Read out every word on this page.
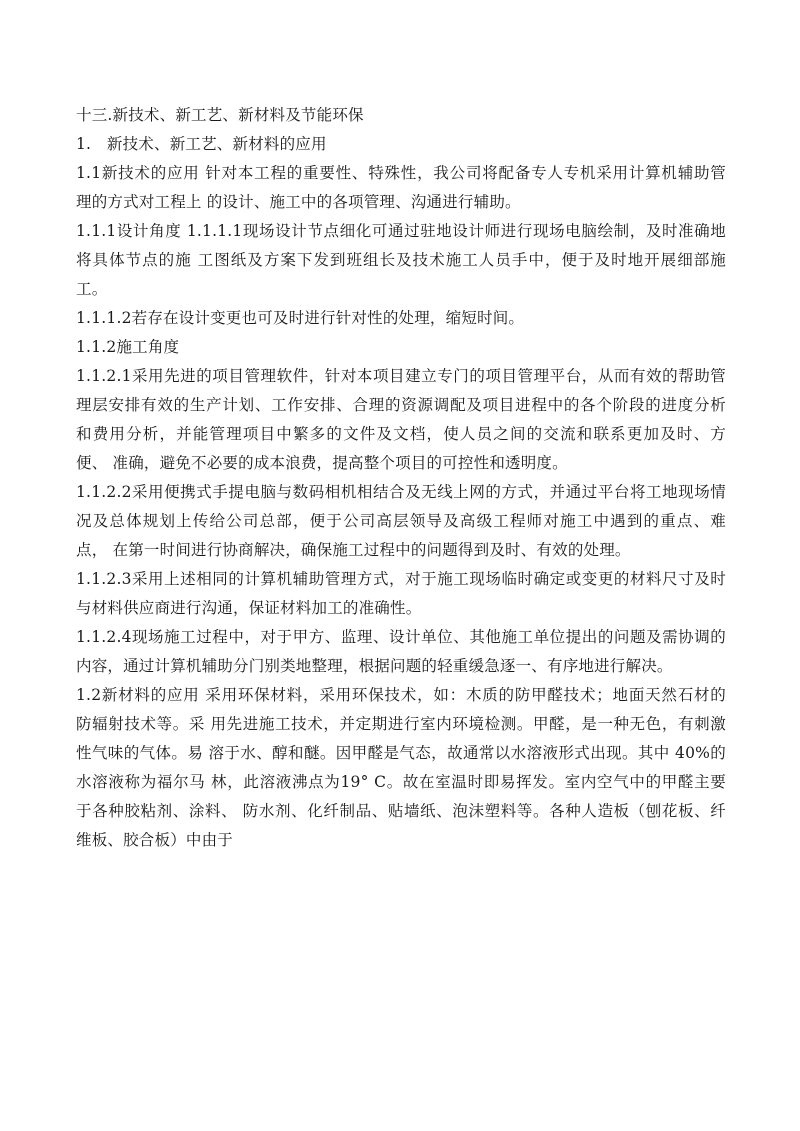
十三.新技术、新工艺、新材料及节能环保

1.　新技术、新工艺、新材料的应用

1.1新技术的应用 针对本工程的重要性、特殊性，我公司将配备专人专机采用计算机辅助管
理的方式对工程上 的设计、施工中的各项管理、沟通进行辅助。

1.1.1设计角度 1.1.1.1现场设计节点细化可通过驻地设计师进行现场电脑绘制，及时准确地
将具体节点的施 工图纸及方案下发到班组长及技术施工人员手中，便于及时地开展细部施
工。

1.1.1.2若存在设计变更也可及时进行针对性的处理，缩短时间。

1.1.2施工角度

1.1.2.1采用先进的项目管理软件，针对本项目建立专门的项目管理平台，从而有效的帮助管
理层安排有效的生产计划、工作安排、合理的资源调配及项目进程中的各个阶段的进度分析
和费用分析，并能管理项目中繁多的文件及文档，使人员之间的交流和联系更加及时、方
便、 准确，避免不必要的成本浪费，提高整个项目的可控性和透明度。

1.1.2.2采用便携式手提电脑与数码相机相结合及无线上网的方式，并通过平台将工地现场情
况及总体规划上传给公司总部，便于公司高层领导及高级工程师对施工中遇到的重点、难
点， 在第一时间进行协商解决，确保施工过程中的问题得到及时、有效的处理。

1.1.2.3采用上述相同的计算机辅助管理方式，对于施工现场临时确定或变更的材料尺寸及时
与材料供应商进行沟通，保证材料加工的准确性。

1.1.2.4现场施工过程中，对于甲方、监理、设计单位、其他施工单位提出的问题及需协调的
内容，通过计算机辅助分门别类地整理，根据问题的轻重缓急逐一、有序地进行解决。

1.2新材料的应用 采用环保材料，采用环保技术，如：木质的防甲醛技术；地面天然石材的
防辐射技术等。采 用先进施工技术，并定期进行室内环境检测。甲醛，是一种无色，有刺激
性气味的气体。易 溶于水、醇和醚。因甲醛是气态，故通常以水溶液形式出现。其中 40%的
水溶液称为福尔马 林，此溶液沸点为19° C。故在室温时即易挥发。室内空气中的甲醛主要
于各种胶粘剂、涂料、 防水剂、化纤制品、贴墙纸、泡沫塑料等。各种人造板（刨花板、纤
维板、胶合板）中由于
